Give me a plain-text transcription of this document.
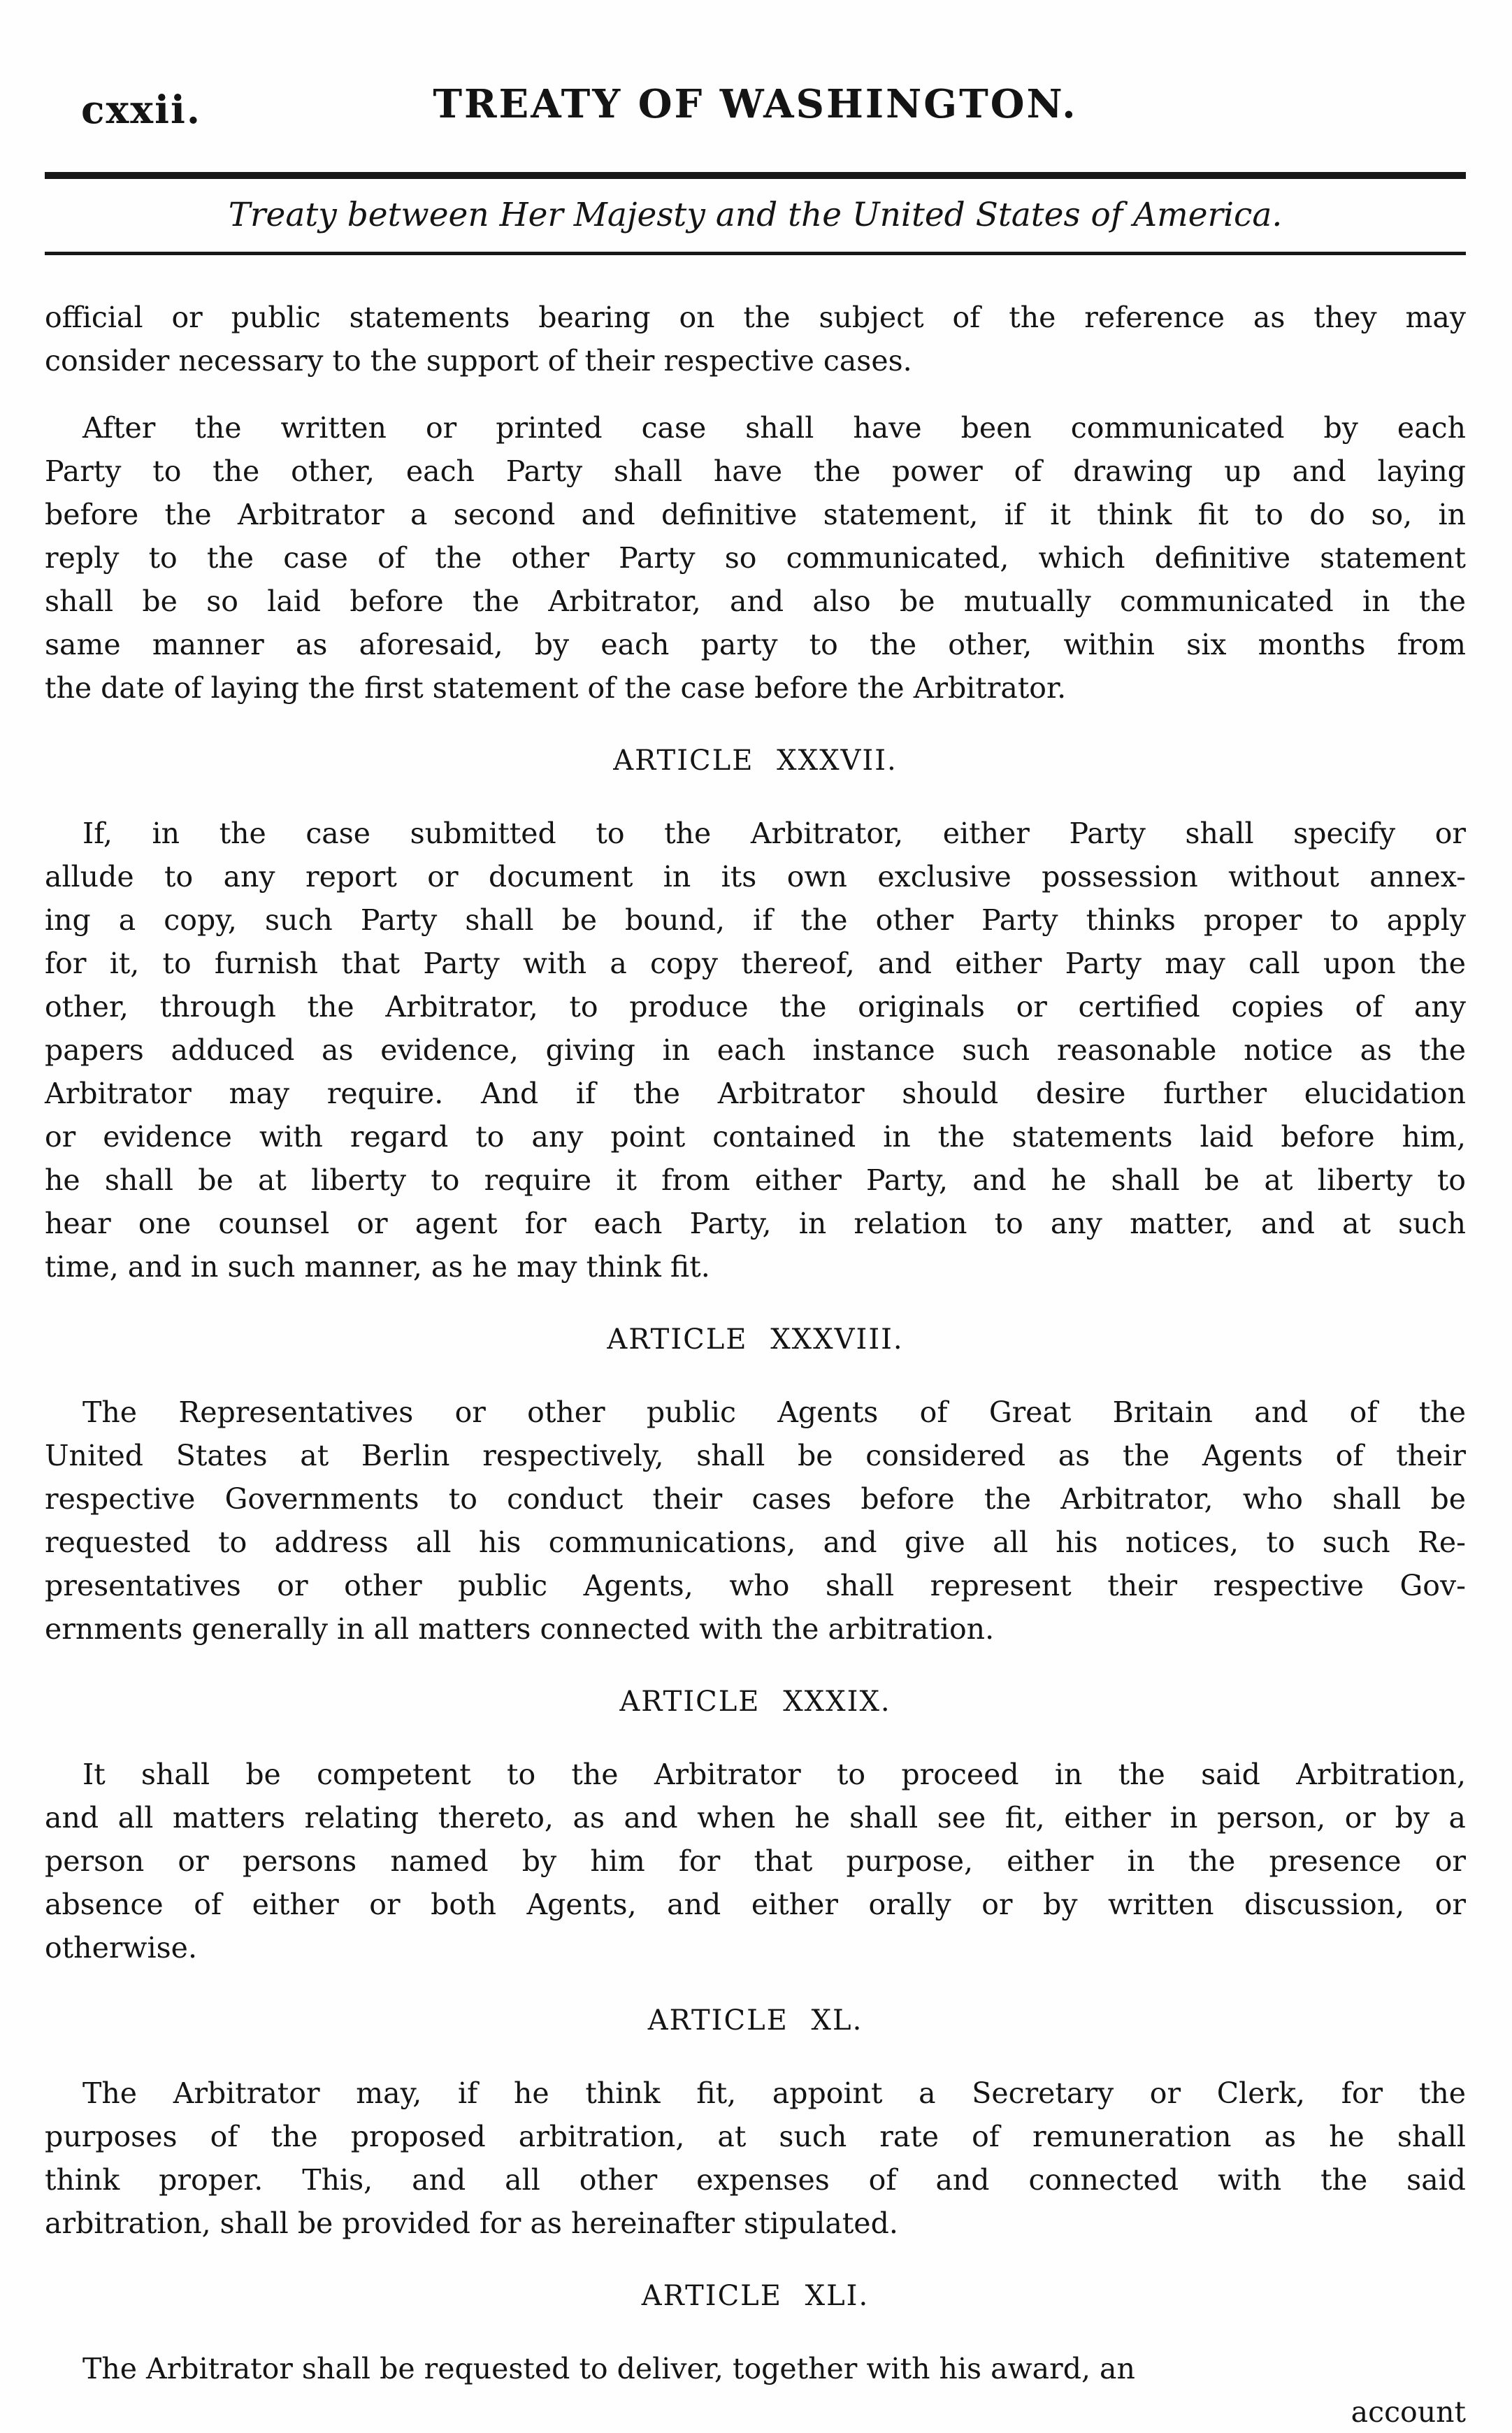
cxxii.	TREATY OF WASHINGTON.
Treaty between Her Majesty and the United States of America.
official or public statements bearing on the subject of the reference as they may
consider necessary to the support of their respective cases.
After the written or printed case shall have been communicated by each
Party to the other, each Party shall have the power of drawing up and laying
before the Arbitrator a second and definitive statement, if it think fit to do so, in
reply to the case of the other Party so communicated, which definitive statement
shall be so laid before the Arbitrator, and also be mutually communicated in the
same manner as aforesaid, by each party to the other, within six months from
the date of laying the first statement of the case before the Arbitrator.
ARTICLE XXXVII.
If, in the case submitted to the Arbitrator, either Party shall specify or
allude to any report or document in its own exclusive possession without annex-
ing a copy, such Party shall be bound, if the other Party thinks proper to apply
for it, to furnish that Party with a copy thereof, and either Party may call upon the
other, through the Arbitrator, to produce the originals or certified copies of any
papers adduced as evidence, giving in each instance such reasonable notice as the
Arbitrator may require. And if the Arbitrator should desire further elucidation
or evidence with regard to any point contained in the statements laid before him,
he shall be at liberty to require it from either Party, and he shall be at liberty to
hear one counsel or agent for each Party, in relation to any matter, and at such
time, and in such manner, as he may think fit.
ARTICLE XXXVIII.
The Representatives or other public Agents of Great Britain and of the
United States at Berlin respectively, shall be considered as the Agents of their
respective Governments to conduct their cases before the Arbitrator, who shall be
requested to address all his communications, and give all his notices, to such Re-
presentatives or other public Agents, who shall represent their respective Gov-
ernments generally in all matters connected with the arbitration.
ARTICLE XXXIX.
It shall be competent to the Arbitrator to proceed in the said Arbitration,
and all matters relating thereto, as and when he shall see fit, either in person, or by a
person or persons named by him for that purpose, either in the presence or
absence of either or both Agents, and either orally or by written discussion, or
otherwise.
ARTICLE XL.
The Arbitrator may, if he think fit, appoint a Secretary or Clerk, for the
purposes of the proposed arbitration, at such rate of remuneration as he shall
think proper. This, and all other expenses of and connected with the said
arbitration, shall be provided for as hereinafter stipulated.
ARTICLE XLI.
The Arbitrator shall be requested to deliver, together with his award, an
account
